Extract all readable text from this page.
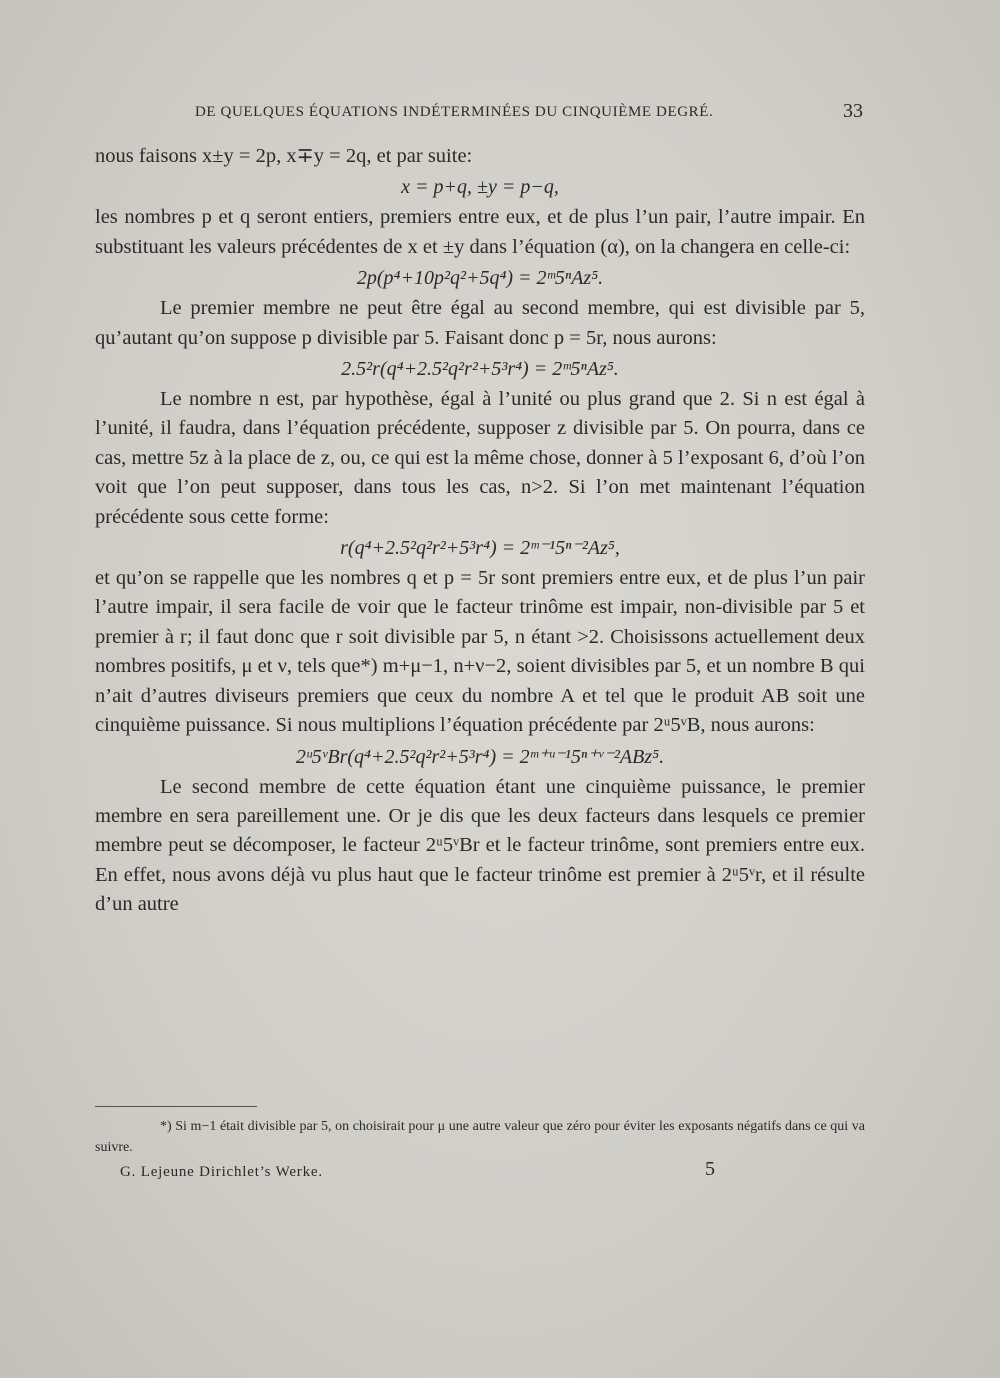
DE QUELQUES ÉQUATIONS INDÉTERMINÉES DU CINQUIÈME DEGRÉ.	33

nous faisons x±y = 2p, x∓y = 2q, et par suite:

x = p+q, ±y = p−q,

les nombres p et q seront entiers, premiers entre eux, et de plus l’un pair, l’autre impair. En substituant les valeurs précédentes de x et ±y dans l’équation (α), on la changera en celle-ci:

2p(p⁴+10p²q²+5q⁴) = 2ᵐ5ⁿAz⁵.

Le premier membre ne peut être égal au second membre, qui est divisible par 5, qu’autant qu’on suppose p divisible par 5. Faisant donc p = 5r, nous aurons:

2.5²r(q⁴+2.5²q²r²+5³r⁴) = 2ᵐ5ⁿAz⁵.

Le nombre n est, par hypothèse, égal à l’unité ou plus grand que 2. Si n est égal à l’unité, il faudra, dans l’équation précédente, supposer z divisible par 5. On pourra, dans ce cas, mettre 5z à la place de z, ou, ce qui est la même chose, donner à 5 l’exposant 6, d’où l’on voit que l’on peut supposer, dans tous les cas, n>2. Si l’on met maintenant l’équation précédente sous cette forme:

r(q⁴+2.5²q²r²+5³r⁴) = 2ᵐ⁻¹5ⁿ⁻²Az⁵,

et qu’on se rappelle que les nombres q et p = 5r sont premiers entre eux, et de plus l’un pair l’autre impair, il sera facile de voir que le facteur trinôme est impair, non-divisible par 5 et premier à r; il faut donc que r soit divisible par 5, n étant >2. Choisissons actuellement deux nombres positifs, μ et ν, tels que*) m+μ−1, n+ν−2, soient divisibles par 5, et un nombre B qui n’ait d’autres diviseurs premiers que ceux du nombre A et tel que le produit AB soit une cinquième puissance. Si nous multiplions l’équation précédente par 2ᵘ5ᵛB, nous aurons:

2ᵘ5ᵛBr(q⁴+2.5²q²r²+5³r⁴) = 2ᵐ⁺ᵘ⁻¹5ⁿ⁺ᵛ⁻²ABz⁵.

Le second membre de cette équation étant une cinquième puissance, le premier membre en sera pareillement une. Or je dis que les deux facteurs dans lesquels ce premier membre peut se décomposer, le facteur 2ᵘ5ᵛBr et le facteur trinôme, sont premiers entre eux. En effet, nous avons déjà vu plus haut que le facteur trinôme est premier à 2ᵘ5ᵛr, et il résulte d’un autre

*) Si m−1 était divisible par 5, on choisirait pour μ une autre valeur que zéro pour éviter les exposants négatifs dans ce qui va suivre.
G. Lejeune Dirichlet’s Werke.	5
